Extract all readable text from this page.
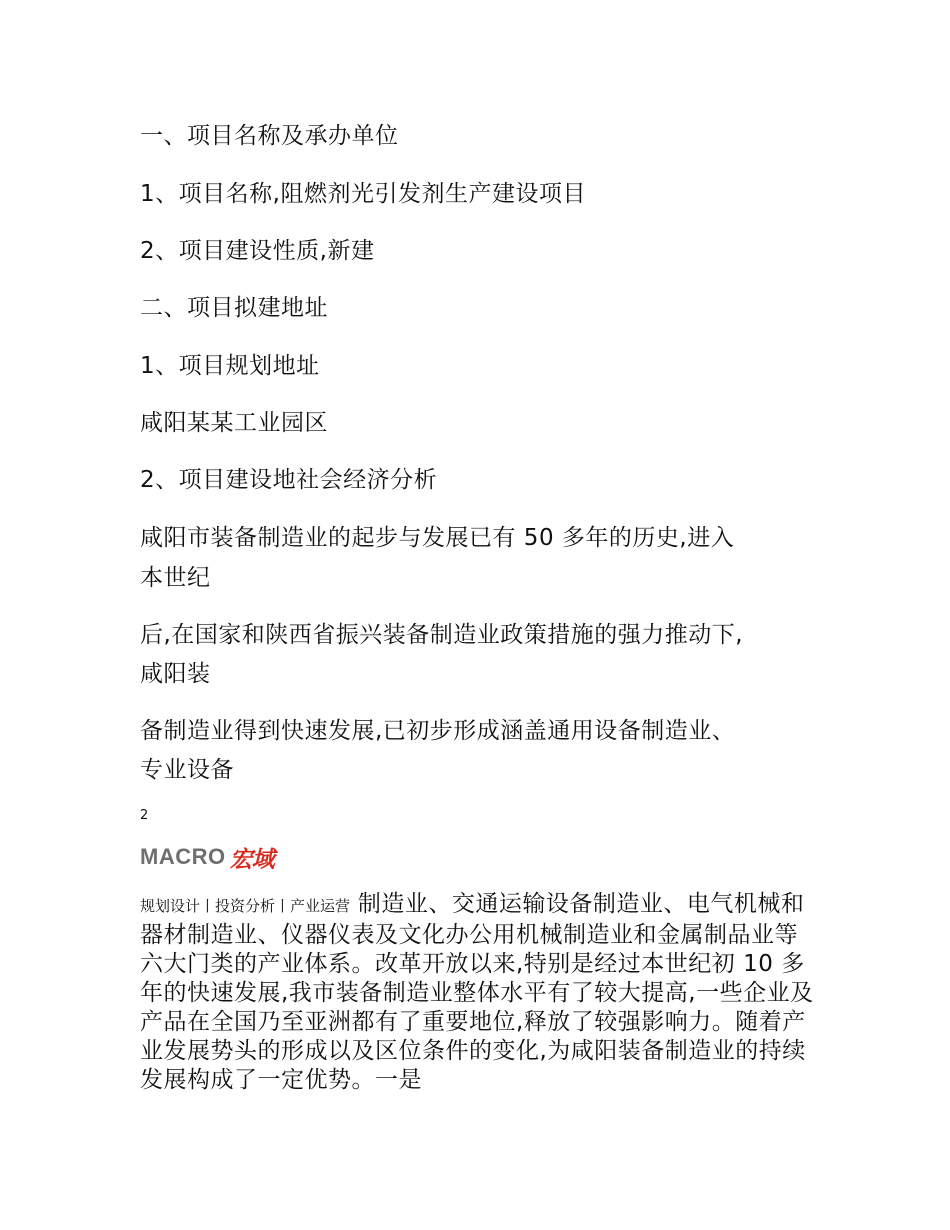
一、项目名称及承办单位
1、项目名称,阻燃剂光引发剂生产建设项目
2、项目建设性质,新建
二、项目拟建地址
1、项目规划地址
咸阳某某工业园区
2、项目建设地社会经济分析
咸阳市装备制造业的起步与发展已有 50 多年的历史,进入
本世纪
后,在国家和陕西省振兴装备制造业政策措施的强力推动下,
咸阳装
备制造业得到快速发展,已初步形成涵盖通用设备制造业、
专业设备
2
MACRO 宏域
规划设计丨投资分析丨产业运营 制造业、交通运输设备制造业、电气机械和器材制造业、仪器仪表及文化办公用机械制造业和金属制品业等六大门类的产业体系。改革开放以来,特别是经过本世纪初 10 多年的快速发展,我市装备制造业整体水平有了较大提高,一些企业及产品在全国乃至亚洲都有了重要地位,释放了较强影响力。随着产业发展势头的形成以及区位条件的变化,为咸阳装备制造业的持续发展构成了一定优势。一是
